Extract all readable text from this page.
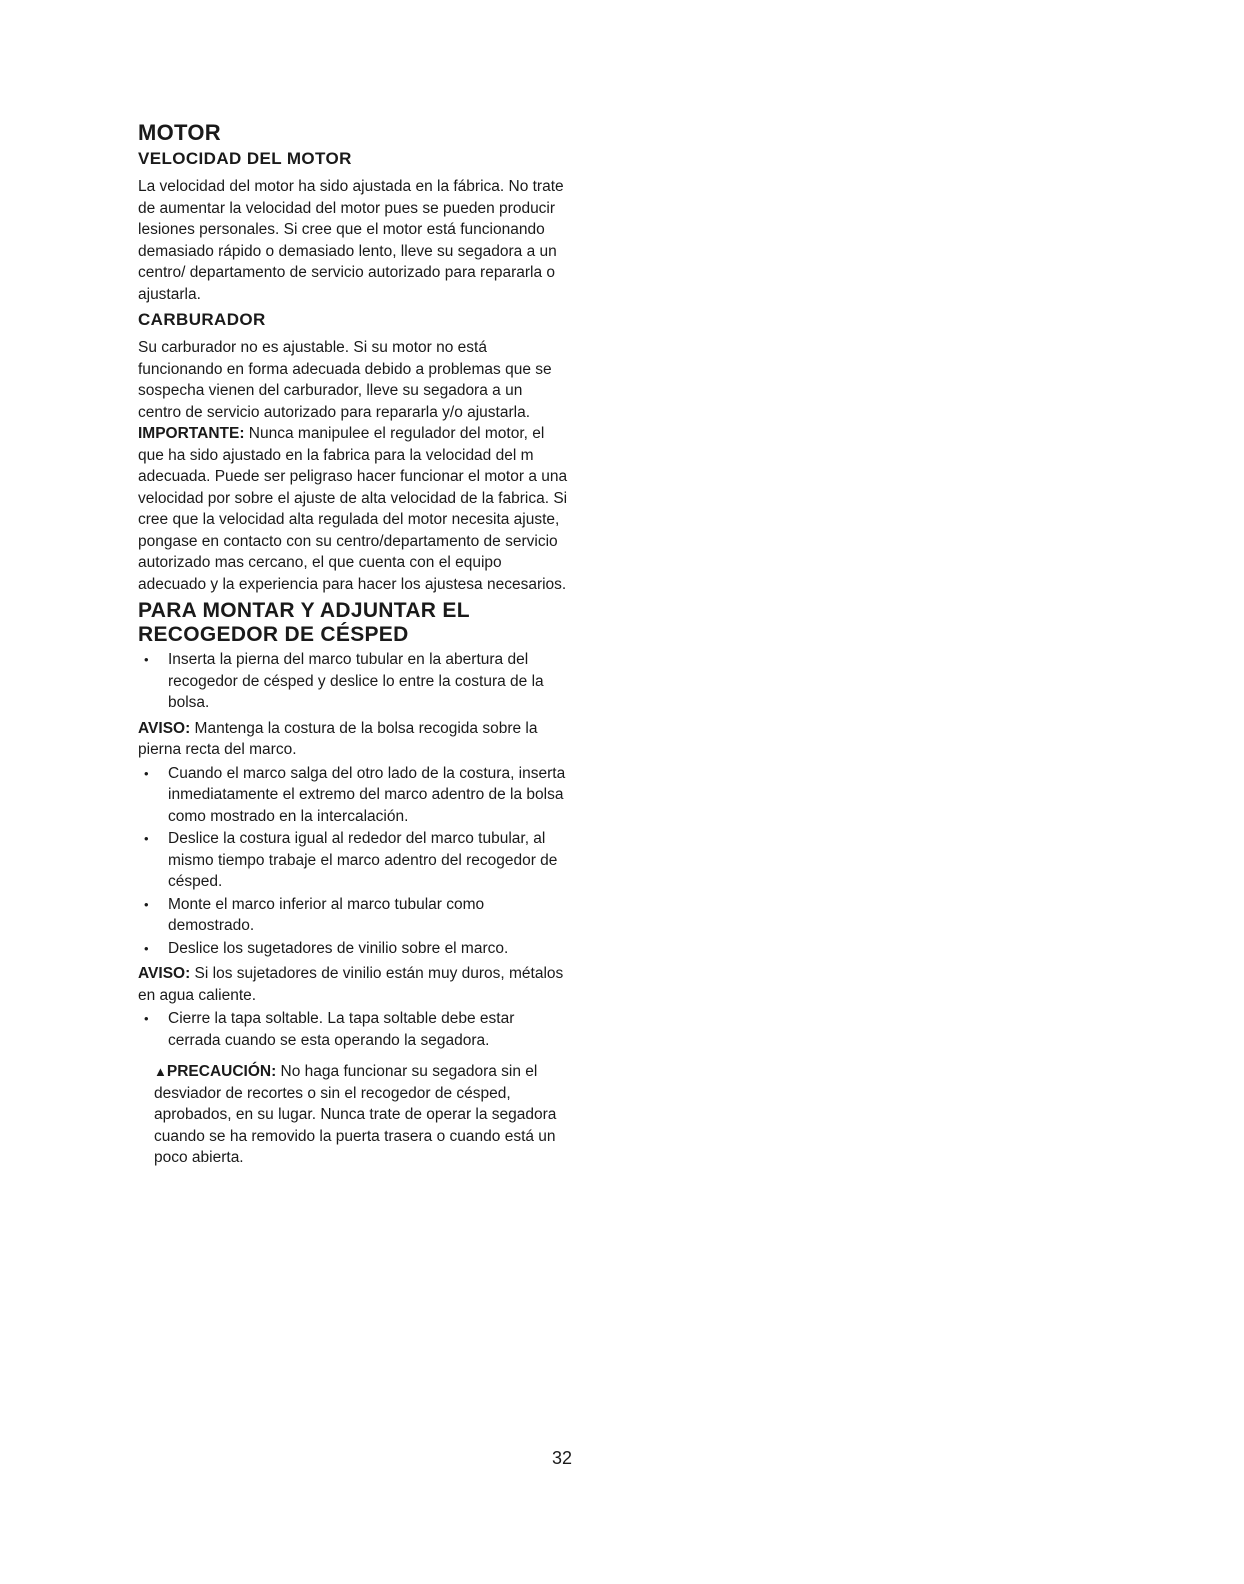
MOTOR
VELOCIDAD DEL MOTOR

La velocidad del motor ha sido ajustada en la fábrica. No trate de aumentar la velocidad del motor pues se pueden producir lesiones personales. Si cree que el motor está funcionando demasiado rápido o demasiado lento, lleve su segadora a un centro/ departamento de servicio autorizado para repararla o ajustarla.

CARBURADOR

Su carburador no es ajustable. Si su motor no está funcionando en forma adecuada debido a problemas que se sospecha vienen del carburador, lleve su segadora a un centro de servicio autorizado para repararla y/o ajustarla.

IMPORTANTE: Nunca manipulee el regulador del motor, el que ha sido ajustado en la fabrica para la velocidad del m adecuada. Puede ser peligraso hacer funcionar el motor a una velocidad por sobre el ajuste de alta velocidad de la fabrica. Si cree que la velocidad alta regulada del motor necesita ajuste, pongase en contacto con su centro/departamento de servicio autorizado mas cercano, el que cuenta con el equipo adecuado y la experiencia para hacer los ajustesa necesarios.

PARA MONTAR Y ADJUNTAR EL
RECOGEDOR DE CÉSPED
• Inserta la pierna del marco tubular en la abertura del recogedor de césped y deslice lo entre la costura de la bolsa.

AVISO: Mantenga la costura de la bolsa recogida sobre la pierna recta del marco.

• Cuando el marco salga del otro lado de la costura, inserta inmediatamente el extremo del marco adentro de la bolsa como mostrado en la intercalación.
• Deslice la costura igual al rededor del marco tubular, al mismo tiempo trabaje el marco adentro del recogedor de césped.
• Monte el marco inferior al marco tubular como demostrado.
• Deslice los sugetadores de vinilio sobre el marco.

AVISO: Si los sujetadores de vinilio están muy duros, métalos en agua caliente.

• Cierre la tapa soltable. La tapa soltable debe estar cerrada cuando se esta operando la segadora.

▲PRECAUCIÓN: No haga funcionar su segadora sin el desviador de recortes o sin el recogedor de césped, aprobados, en su lugar. Nunca trate de operar la segadora cuando se ha removido la puerta trasera o cuando está un poco abierta.

32
